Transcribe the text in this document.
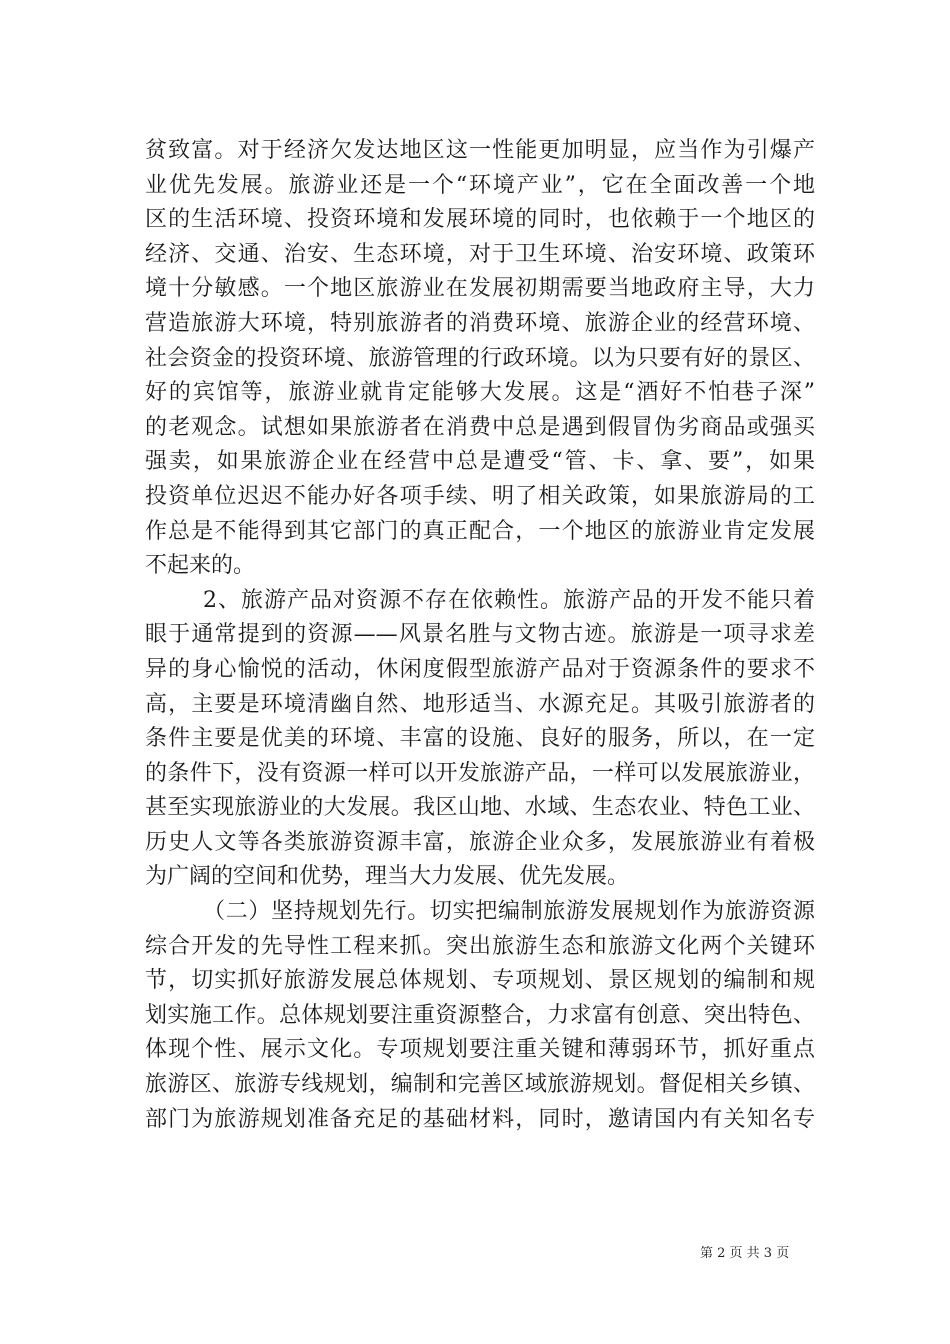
贫致富。对于经济欠发达地区这一性能更加明显，应当作为引爆产
业优先发展。旅游业还是一个“环境产业”，它在全面改善一个地
区的生活环境、投资环境和发展环境的同时，也依赖于一个地区的
经济、交通、治安、生态环境，对于卫生环境、治安环境、政策环
境十分敏感。一个地区旅游业在发展初期需要当地政府主导，大力
营造旅游大环境，特别旅游者的消费环境、旅游企业的经营环境、
社会资金的投资环境、旅游管理的行政环境。以为只要有好的景区、
好的宾馆等，旅游业就肯定能够大发展。这是“酒好不怕巷子深”
的老观念。试想如果旅游者在消费中总是遇到假冒伪劣商品或强买
强卖，如果旅游企业在经营中总是遭受“管、卡、拿、要”，如果
投资单位迟迟不能办好各项手续、明了相关政策，如果旅游局的工
作总是不能得到其它部门的真正配合，一个地区的旅游业肯定发展
不起来的。
2、旅游产品对资源不存在依赖性。旅游产品的开发不能只着
眼于通常提到的资源——风景名胜与文物古迹。旅游是一项寻求差
异的身心愉悦的活动，休闲度假型旅游产品对于资源条件的要求不
高，主要是环境清幽自然、地形适当、水源充足。其吸引旅游者的
条件主要是优美的环境、丰富的设施、良好的服务，所以，在一定
的条件下，没有资源一样可以开发旅游产品，一样可以发展旅游业，
甚至实现旅游业的大发展。我区山地、水域、生态农业、特色工业、
历史人文等各类旅游资源丰富，旅游企业众多，发展旅游业有着极
为广阔的空间和优势，理当大力发展、优先发展。
（二）坚持规划先行。切实把编制旅游发展规划作为旅游资源
综合开发的先导性工程来抓。突出旅游生态和旅游文化两个关键环
节，切实抓好旅游发展总体规划、专项规划、景区规划的编制和规
划实施工作。总体规划要注重资源整合，力求富有创意、突出特色、
体现个性、展示文化。专项规划要注重关键和薄弱环节，抓好重点
旅游区、旅游专线规划，编制和完善区域旅游规划。督促相关乡镇、
部门为旅游规划准备充足的基础材料，同时，邀请国内有关知名专
第 2 页 共 3 页
